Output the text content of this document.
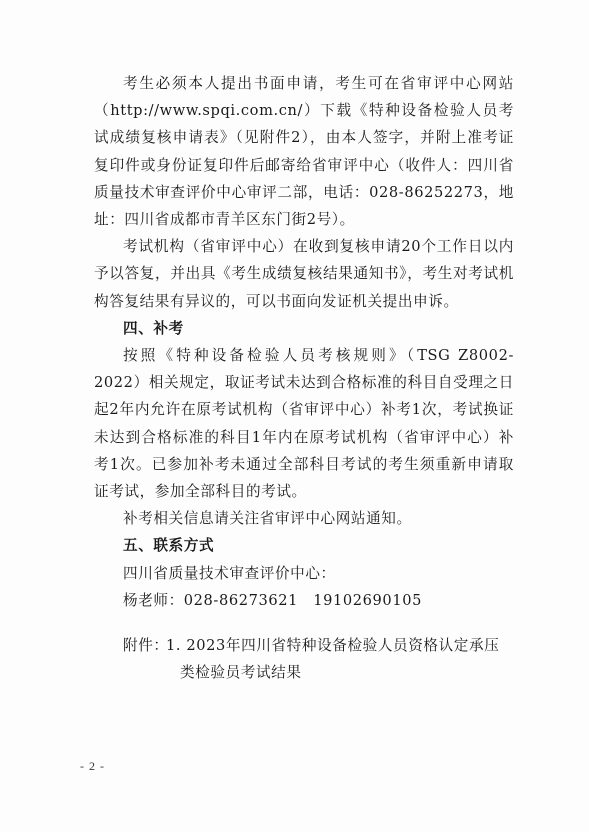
考生必须本人提出书面申请，考生可在省审评中心网站（http://www.spqi.com.cn/）下载《特种设备检验人员考试成绩复核申请表》（见附件2），由本人签字，并附上准考证复印件或身份证复印件后邮寄给省审评中心（收件人：四川省质量技术审查评价中心审评二部，电话：028-86252273，地址：四川省成都市青羊区东门街2号）。

考试机构（省审评中心）在收到复核申请20个工作日以内予以答复，并出具《考生成绩复核结果通知书》，考生对考试机构答复结果有异议的，可以书面向发证机关提出申诉。

四、补考

按照《特种设备检验人员考核规则》（TSG Z8002-2022）相关规定，取证考试未达到合格标准的科目自受理之日起2年内允许在原考试机构（省审评中心）补考1次，考试换证未达到合格标准的科目1年内在原考试机构（省审评中心）补考1次。已参加补考未通过全部科目考试的考生须重新申请取证考试，参加全部科目的考试。

补考相关信息请关注省审评中心网站通知。

五、联系方式

四川省质量技术审查评价中心：

杨老师：028-86273621　19102690105

附件：
1. 2023年四川省特种设备检验人员资格认定承压
类检验员考试结果
- 2 -
